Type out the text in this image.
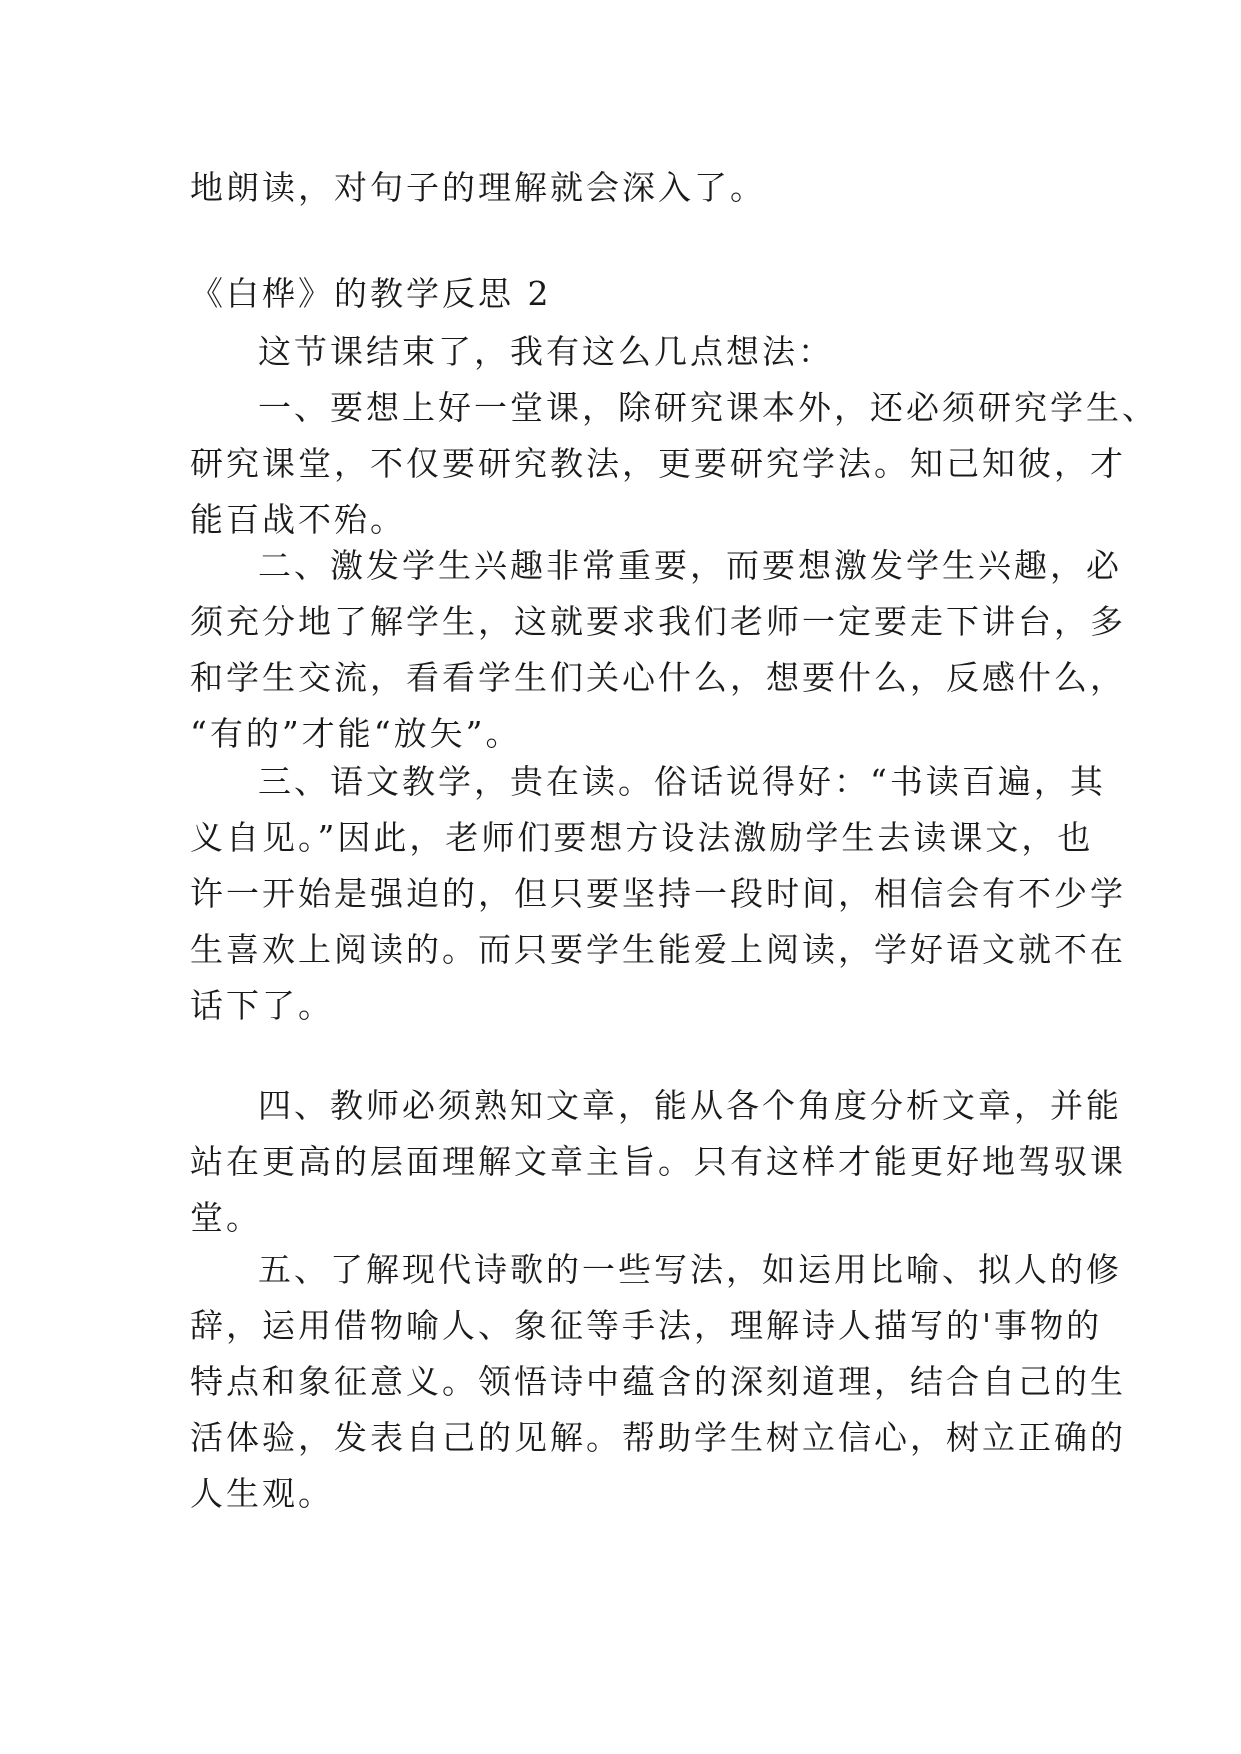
地朗读，对句子的理解就会深入了。
《白桦》的教学反思 2
这节课结束了，我有这么几点想法：
一、要想上好一堂课，除研究课本外，还必须研究学生、
研究课堂，不仅要研究教法，更要研究学法。知己知彼，才
能百战不殆。
二、激发学生兴趣非常重要，而要想激发学生兴趣，必
须充分地了解学生，这就要求我们老师一定要走下讲台，多
和学生交流，看看学生们关心什么，想要什么，反感什么，
“有的”才能“放矢”。
三、语文教学，贵在读。俗话说得好：“书读百遍，其
义自见。”因此，老师们要想方设法激励学生去读课文，也
许一开始是强迫的，但只要坚持一段时间，相信会有不少学
生喜欢上阅读的。而只要学生能爱上阅读，学好语文就不在
话下了。
四、教师必须熟知文章，能从各个角度分析文章，并能
站在更高的层面理解文章主旨。只有这样才能更好地驾驭课
堂。
五、了解现代诗歌的一些写法，如运用比喻、拟人的修
辞，运用借物喻人、象征等手法，理解诗人描写的'事物的
特点和象征意义。领悟诗中蕴含的深刻道理，结合自己的生
活体验，发表自己的见解。帮助学生树立信心，树立正确的
人生观。
